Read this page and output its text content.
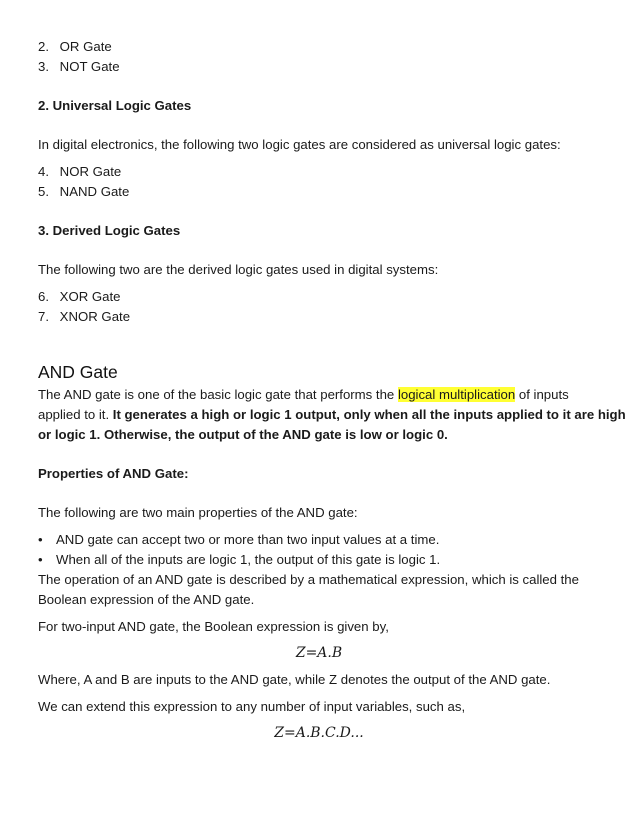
2. OR Gate
3. NOT Gate
2. Universal Logic Gates
In digital electronics, the following two logic gates are considered as universal logic gates:
4. NOR Gate
5. NAND Gate
3. Derived Logic Gates
The following two are the derived logic gates used in digital systems:
6. XOR Gate
7. XNOR Gate
AND Gate
The AND gate is one of the basic logic gate that performs the logical multiplication of inputs
applied to it. It generates a high or logic 1 output, only when all the inputs applied to it are high
or logic 1. Otherwise, the output of the AND gate is low or logic 0.
Properties of AND Gate:
The following are two main properties of the AND gate:
• AND gate can accept two or more than two input values at a time.
• When all of the inputs are logic 1, the output of this gate is logic 1.
The operation of an AND gate is described by a mathematical expression, which is called the
Boolean expression of the AND gate.
For two-input AND gate, the Boolean expression is given by,
Z=A.B
Where, A and B are inputs to the AND gate, while Z denotes the output of the AND gate.
We can extend this expression to any number of input variables, such as,
Z=A.B.C.D...
